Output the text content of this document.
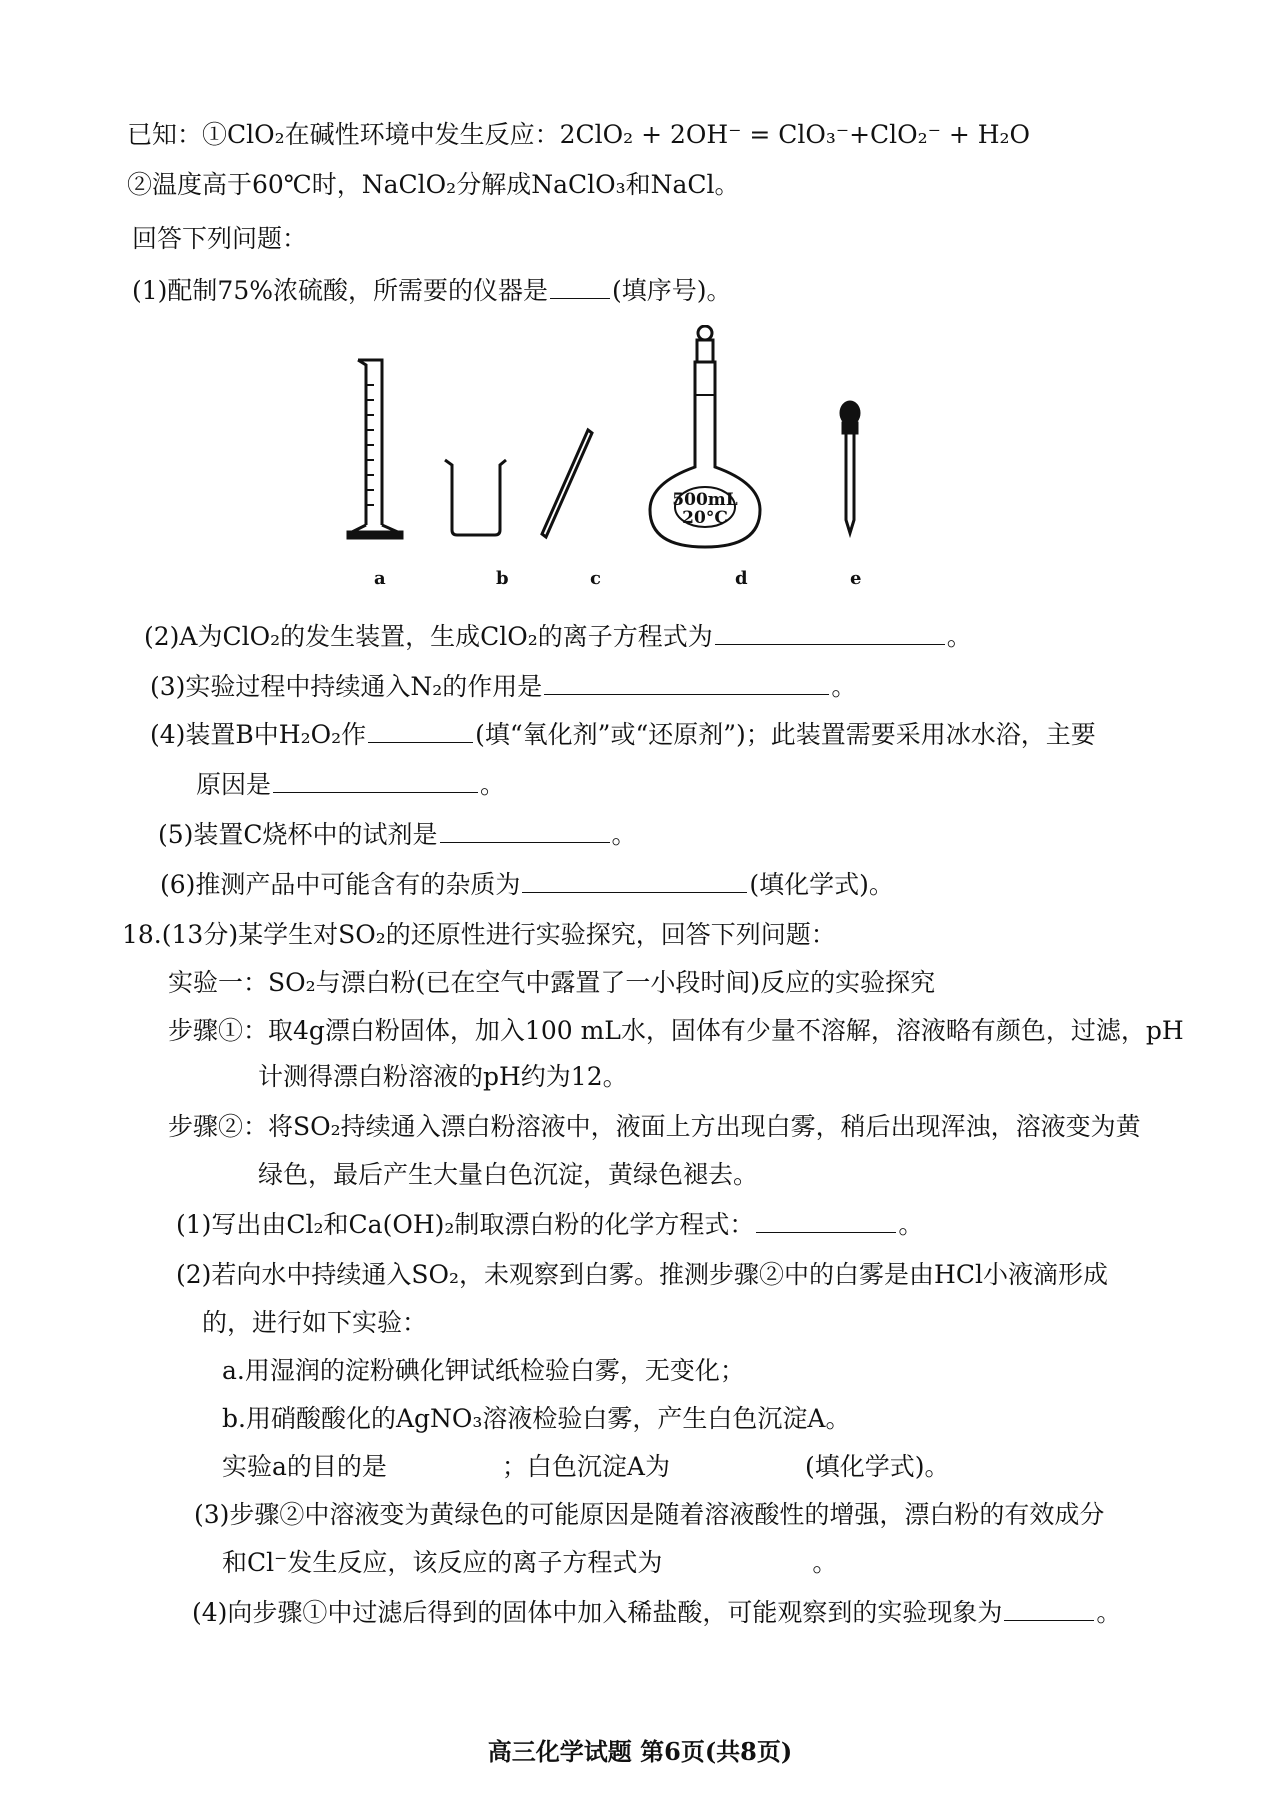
已知：①ClO₂在碱性环境中发生反应：2ClO₂ + 2OH⁻ = ClO₃⁻+ClO₂⁻ + H₂O
②温度高于60℃时，NaClO₂分解成NaClO₃和NaCl。
回答下列问题：
(1)配制75%浓硫酸，所需要的仪器是	(填序号)。
500mL
20°C
a	b	c	d	e
(2)A为ClO₂的发生装置，生成ClO₂的离子方程式为	。
(3)实验过程中持续通入N₂的作用是	。
(4)装置B中H₂O₂作	(填“氧化剂”或“还原剂”)；此装置需要采用冰水浴，主要
原因是	。
(5)装置C烧杯中的试剂是	。
(6)推测产品中可能含有的杂质为	(填化学式)。
18.(13分)某学生对SO₂的还原性进行实验探究，回答下列问题：
实验一：SO₂与漂白粉(已在空气中露置了一小段时间)反应的实验探究
步骤①：取4g漂白粉固体，加入100 mL水，固体有少量不溶解，溶液略有颜色，过滤，pH
计测得漂白粉溶液的pH约为12。
步骤②：将SO₂持续通入漂白粉溶液中，液面上方出现白雾，稍后出现浑浊，溶液变为黄
绿色，最后产生大量白色沉淀，黄绿色褪去。
(1)写出由Cl₂和Ca(OH)₂制取漂白粉的化学方程式：	。
(2)若向水中持续通入SO₂，未观察到白雾。推测步骤②中的白雾是由HCl小液滴形成
的，进行如下实验：
a.用湿润的淀粉碘化钾试纸检验白雾，无变化；
b.用硝酸酸化的AgNO₃溶液检验白雾，产生白色沉淀A。
实验a的目的是	；白色沉淀A为	(填化学式)。
(3)步骤②中溶液变为黄绿色的可能原因是随着溶液酸性的增强，漂白粉的有效成分
和Cl⁻发生反应，该反应的离子方程式为	。
(4)向步骤①中过滤后得到的固体中加入稀盐酸，可能观察到的实验现象为	。
高三化学试题 第6页(共8页)
